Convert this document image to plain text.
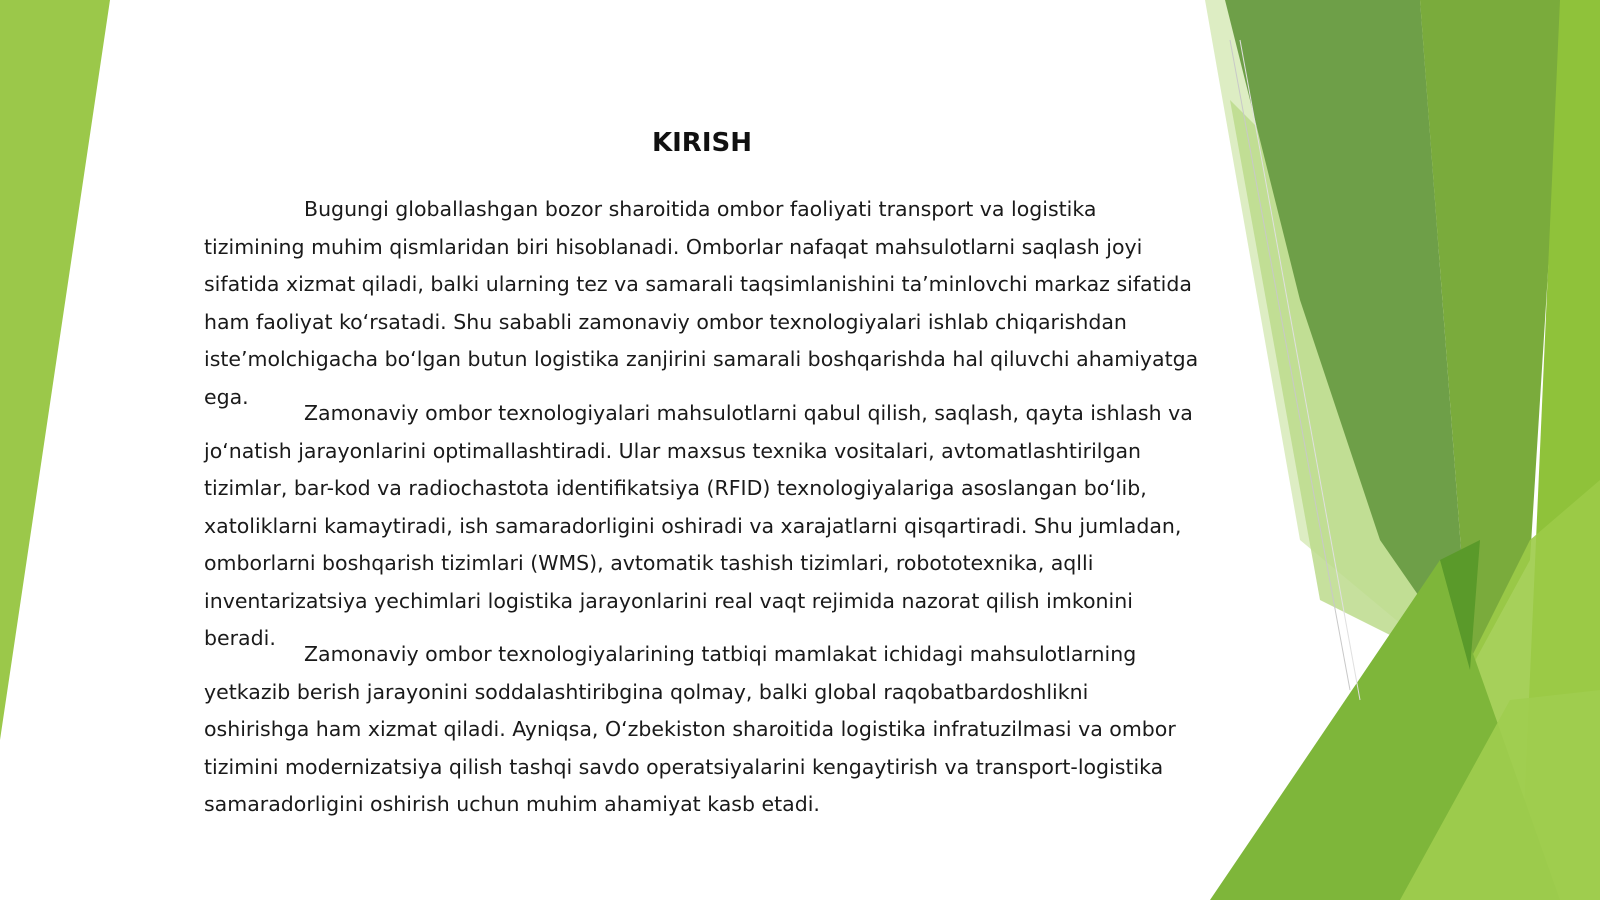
KIRISH

Bugungi globallashgan bozor sharoitida ombor faoliyati transport va logistika tizimining muhim qismlaridan biri hisoblanadi. Omborlar nafaqat mahsulotlarni saqlash joyi sifatida xizmat qiladi, balki ularning tez va samarali taqsimlanishini ta’minlovchi markaz sifatida ham faoliyat ko‘rsatadi. Shu sababli zamonaviy ombor texnologiyalari ishlab chiqarishdan iste’molchigacha bo‘lgan butun logistika zanjirini samarali boshqarishda hal qiluvchi ahamiyatga ega.

Zamonaviy ombor texnologiyalari mahsulotlarni qabul qilish, saqlash, qayta ishlash va jo‘natish jarayonlarini optimallashtiradi. Ular maxsus texnika vositalari, avtomatlashtirilgan tizimlar, bar-kod va radiochastota identifikatsiya (RFID) texnologiyalariga asoslangan bo‘lib, xatoliklarni kamaytiradi, ish samaradorligini oshiradi va xarajatlarni qisqartiradi. Shu jumladan, omborlarni boshqarish tizimlari (WMS), avtomatik tashish tizimlari, robototexnika, aqlli inventarizatsiya yechimlari logistika jarayonlarini real vaqt rejimida nazorat qilish imkonini beradi.

Zamonaviy ombor texnologiyalarining tatbiqi mamlakat ichidagi mahsulotlarning yetkazib berish jarayonini soddalashtiribgina qolmay, balki global raqobatbardoshlikni oshirishga ham xizmat qiladi. Ayniqsa, O‘zbekiston sharoitida logistika infratuzilmasi va ombor tizimini modernizatsiya qilish tashqi savdo operatsiyalarini kengaytirish va transport-logistika samaradorligini oshirish uchun muhim ahamiyat kasb etadi.
